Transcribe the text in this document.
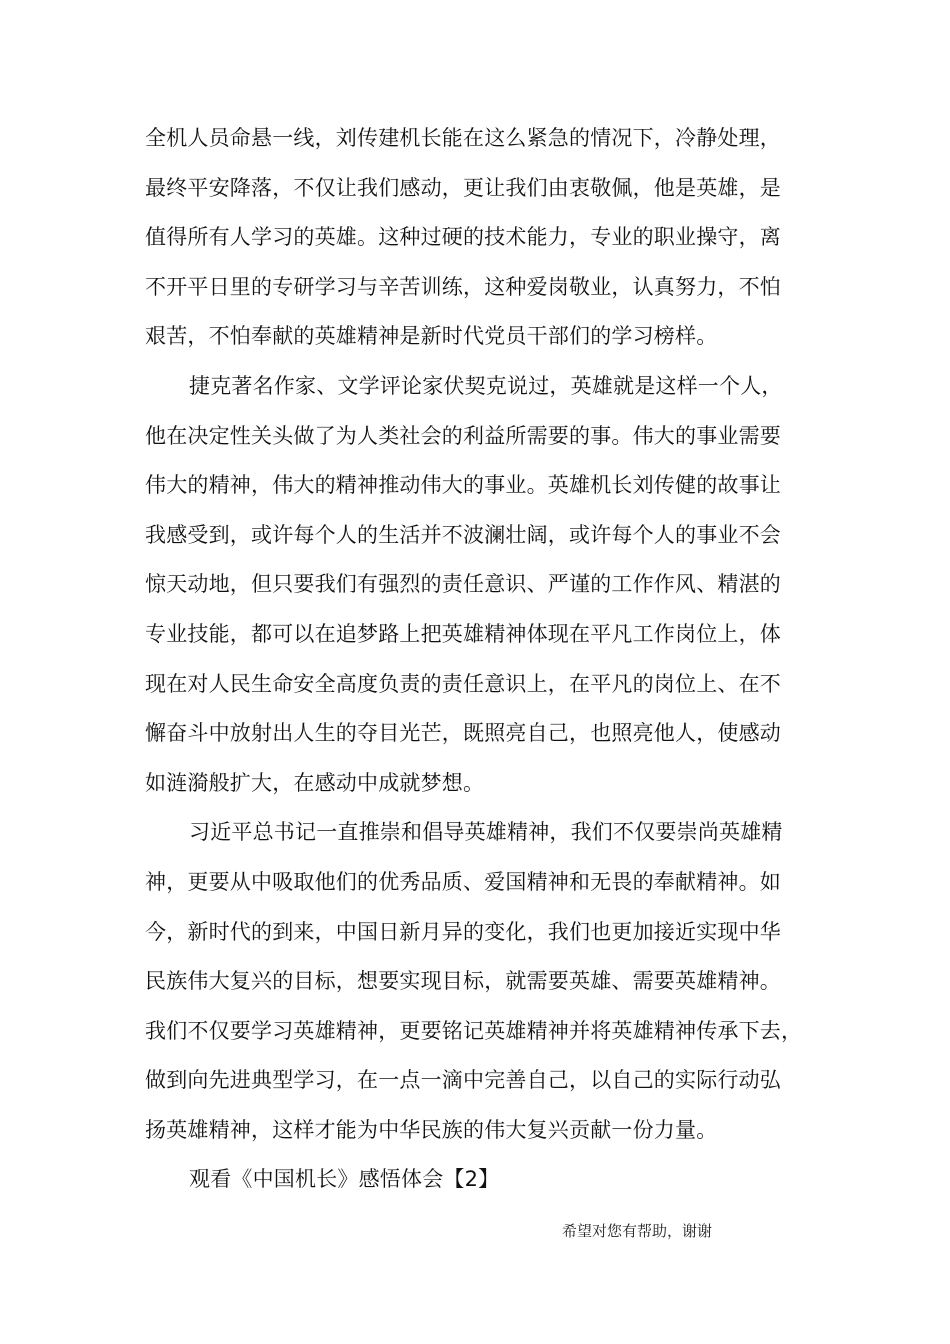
全机人员命悬一线，刘传建机长能在这么紧急的情况下，冷静处理，
最终平安降落，不仅让我们感动，更让我们由衷敬佩，他是英雄，是
值得所有人学习的英雄。这种过硬的技术能力，专业的职业操守，离
不开平日里的专研学习与辛苦训练，这种爱岗敬业，认真努力，不怕
艰苦，不怕奉献的英雄精神是新时代党员干部们的学习榜样。
捷克著名作家、文学评论家伏契克说过，英雄就是这样一个人，
他在决定性关头做了为人类社会的利益所需要的事。伟大的事业需要
伟大的精神，伟大的精神推动伟大的事业。英雄机长刘传健的故事让
我感受到，或许每个人的生活并不波澜壮阔，或许每个人的事业不会
惊天动地，但只要我们有强烈的责任意识、严谨的工作作风、精湛的
专业技能，都可以在追梦路上把英雄精神体现在平凡工作岗位上，体
现在对人民生命安全高度负责的责任意识上，在平凡的岗位上、在不
懈奋斗中放射出人生的夺目光芒，既照亮自己，也照亮他人，使感动
如涟漪般扩大，在感动中成就梦想。
习近平总书记一直推崇和倡导英雄精神，我们不仅要崇尚英雄精
神，更要从中吸取他们的优秀品质、爱国精神和无畏的奉献精神。如
今，新时代的到来，中国日新月异的变化，我们也更加接近实现中华
民族伟大复兴的目标，想要实现目标，就需要英雄、需要英雄精神。
我们不仅要学习英雄精神，更要铭记英雄精神并将英雄精神传承下去，
做到向先进典型学习，在一点一滴中完善自己，以自己的实际行动弘
扬英雄精神，这样才能为中华民族的伟大复兴贡献一份力量。
观看《中国机长》感悟体会【2】
希望对您有帮助，谢谢
